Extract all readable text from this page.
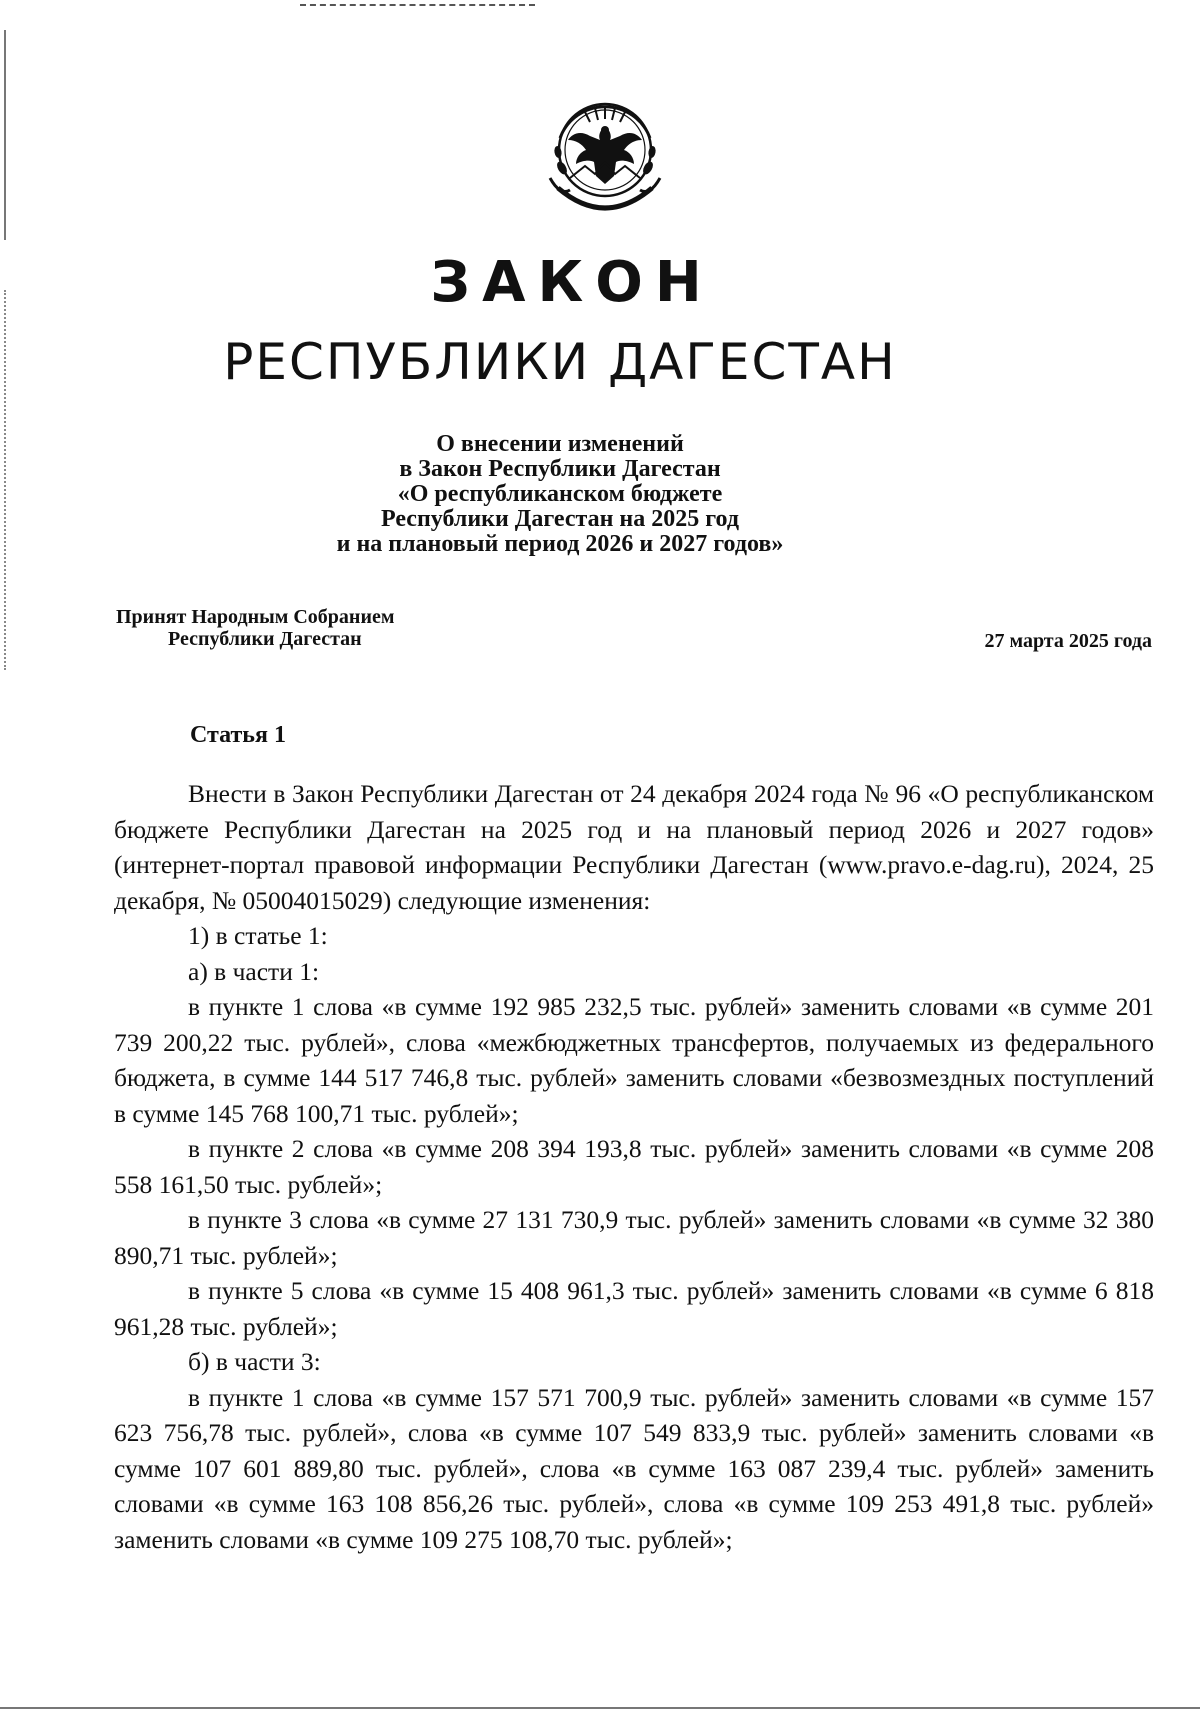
ЗАКОН
РЕСПУБЛИКИ ДАГЕСТАН
О внесении изменений
в Закон Республики Дагестан
«О республиканском бюджете
Республики Дагестан на 2025 год
и на плановый период 2026 и 2027 годов»
Принят Народным Собранием
Республики Дагестан	27 марта 2025 года
Статья 1

Внести в Закон Республики Дагестан от 24 декабря 2024 года № 96 «О республиканском бюджете Республики Дагестан на 2025 год и на плановый период 2026 и 2027 годов» (интернет-портал правовой информации Республики Дагестан (www.pravo.e-dag.ru), 2024, 25 декабря, № 05004015029) следующие изменения:

1) в статье 1:

а) в части 1:

в пункте 1 слова «в сумме 192 985 232,5 тыс. рублей» заменить словами «в сумме 201 739 200,22 тыс. рублей», слова «межбюджетных трансфертов, получаемых из федерального бюджета, в сумме 144 517 746,8 тыс. рублей» заменить словами «безвозмездных поступлений в сумме 145 768 100,71 тыс. рублей»;

в пункте 2 слова «в сумме 208 394 193,8 тыс. рублей» заменить словами «в сумме 208 558 161,50 тыс. рублей»;

в пункте 3 слова «в сумме 27 131 730,9 тыс. рублей» заменить словами «в сумме 32 380 890,71 тыс. рублей»;

в пункте 5 слова «в сумме 15 408 961,3 тыс. рублей» заменить словами «в сумме 6 818 961,28 тыс. рублей»;

б) в части 3:

в пункте 1 слова «в сумме 157 571 700,9 тыс. рублей» заменить словами «в сумме 157 623 756,78 тыс. рублей», слова «в сумме 107 549 833,9 тыс. рублей» заменить словами «в сумме 107 601 889,80 тыс. рублей», слова «в сумме 163 087 239,4 тыс. рублей» заменить словами «в сумме 163 108 856,26 тыс. рублей», слова «в сумме 109 253 491,8 тыс. рублей» заменить словами «в сумме 109 275 108,70 тыс. рублей»;
